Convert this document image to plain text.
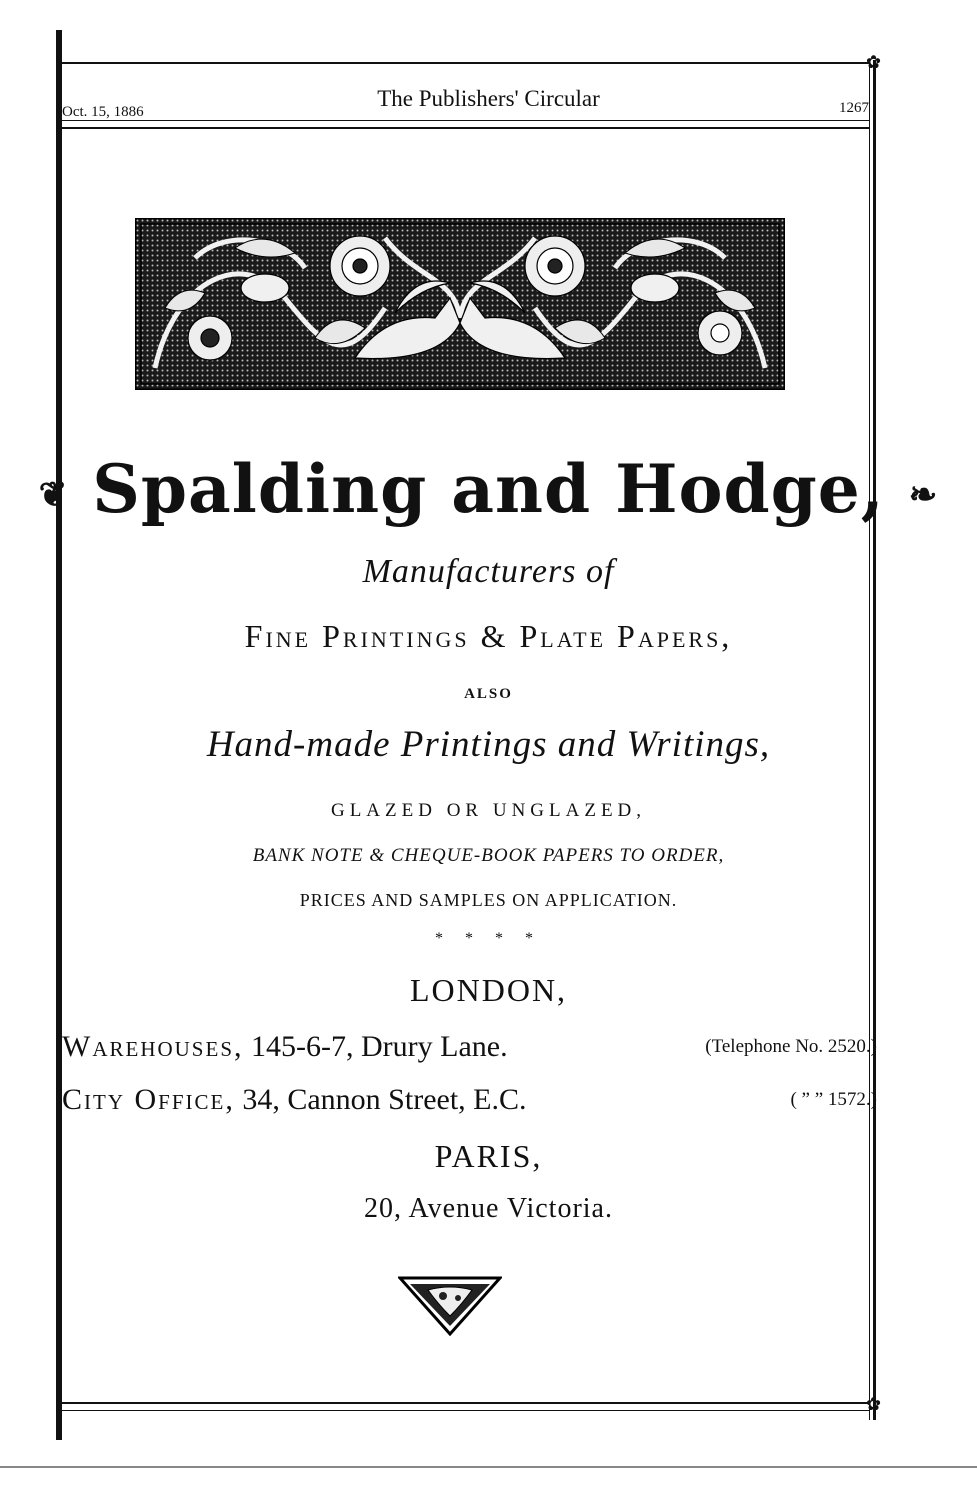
✿
✿
Oct. 15, 1886
The Publishers' Circular	1267
❦ Spalding and Hodge, ❧
Manufacturers of
Fine Printings & Plate Papers,
ALSO
Hand-made Printings and Writings,
GLAZED OR UNGLAZED,
BANK NOTE & CHEQUE-BOOK PAPERS TO ORDER,
PRICES AND SAMPLES ON APPLICATION.
* * * *
LONDON,
Warehouses, 145-6-7, Drury Lane.	(Telephone No. 2520.)
City Office, 34, Cannon Street, E.C.	( ” ” 1572.)
PARIS,
20, Avenue Victoria.
